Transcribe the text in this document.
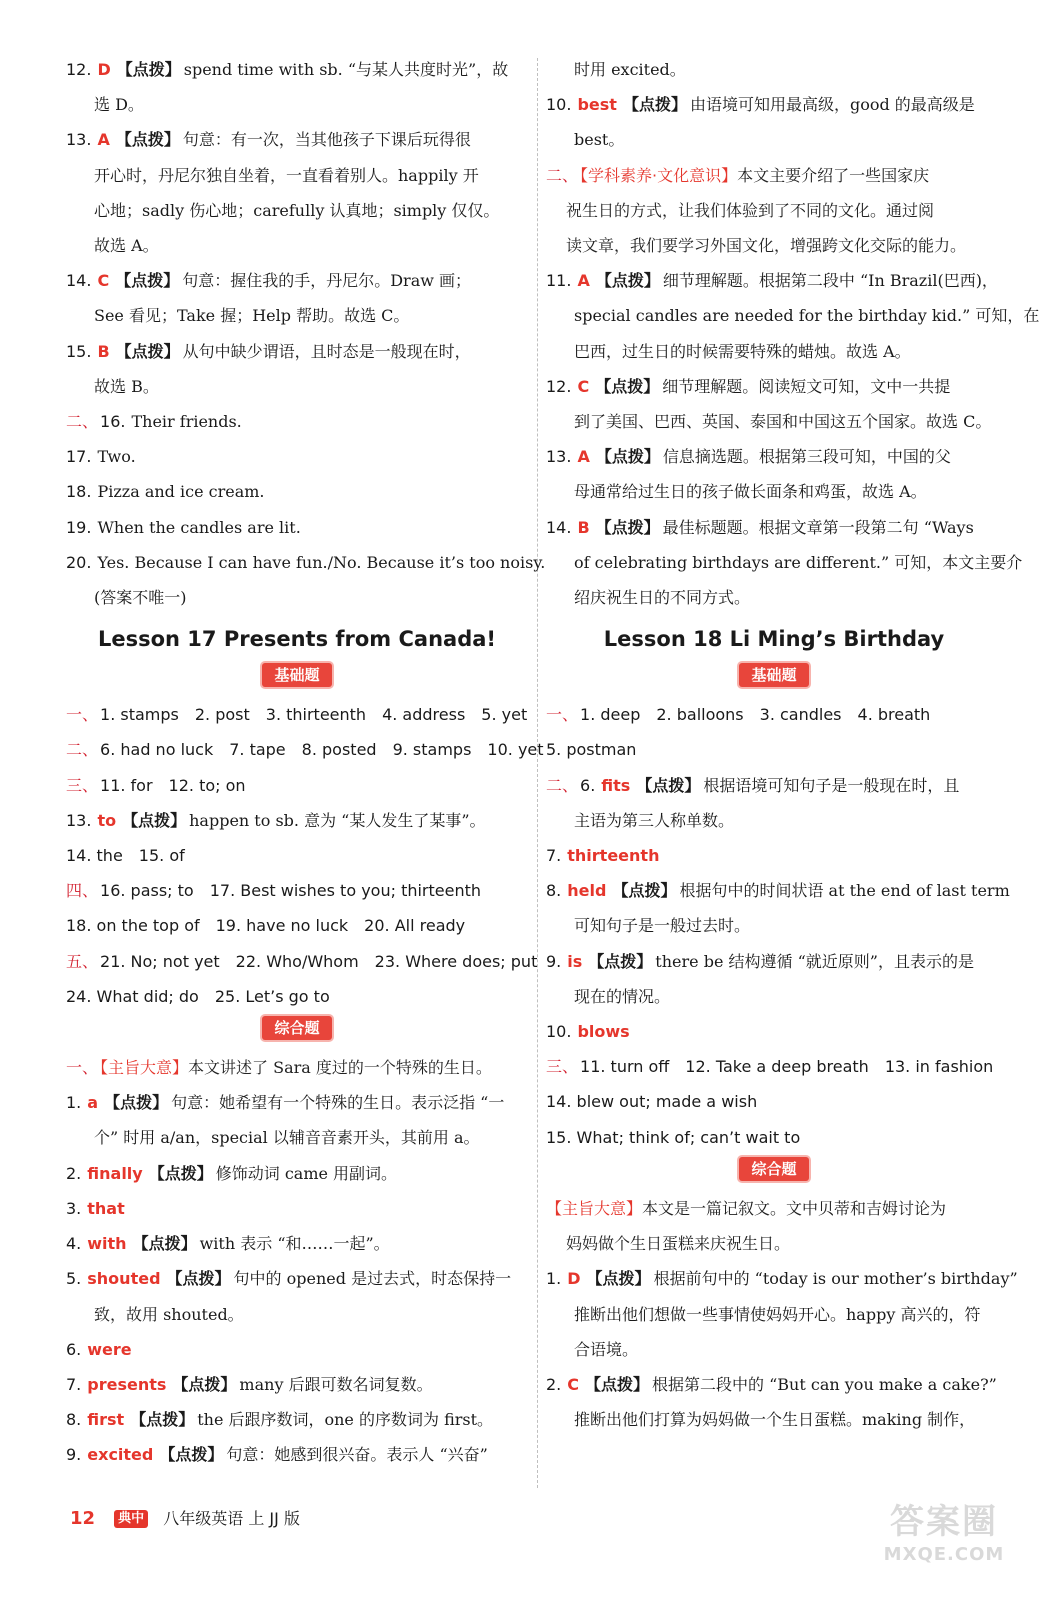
12. D 【点拨】 spend time with sb. “与某人共度时光”，故
选 D。
13. A 【点拨】 句意：有一次，当其他孩子下课后玩得很
开心时，丹尼尔独自坐着，一直看着别人。happily 开
心地；sadly 伤心地；carefully 认真地；simply 仅仅。
故选 A。
14. C 【点拨】 句意：握住我的手，丹尼尔。Draw 画；
See 看见；Take 握；Help 帮助。故选 C。
15. B 【点拨】 从句中缺少谓语，且时态是一般现在时，
故选 B。
二、 16. Their friends.
17. Two.
18. Pizza and ice cream.
19. When the candles are lit.
20. Yes. Because I can have fun./No. Because it’s too noisy.
(答案不唯一)
Lesson 17 Presents from Canada!
基础题
一、 1. stamps 2. post 3. thirteenth 4. address 5. yet
二、 6. had no luck 7. tape 8. posted 9. stamps 10. yet
三、 11. for 12. to; on
13. to 【点拨】 happen to sb. 意为 “某人发生了某事”。
14. the 15. of
四、 16. pass; to 17. Best wishes to you; thirteenth
18. on the top of 19. have no luck 20. All ready
五、 21. No; not yet 22. Who/Whom 23. Where does; put
24. What did; do 25. Let’s go to
综合题
一、 【主旨大意】本文讲述了 Sara 度过的一个特殊的生日。
1. a 【点拨】 句意：她希望有一个特殊的生日。表示泛指 “一
个” 时用 a/an，special 以辅音音素开头，其前用 a。
2. finally 【点拨】 修饰动词 came 用副词。
3. that
4. with 【点拨】 with 表示 “和……一起”。
5. shouted 【点拨】 句中的 opened 是过去式，时态保持一
致，故用 shouted。
6. were
7. presents 【点拨】 many 后跟可数名词复数。
8. first 【点拨】 the 后跟序数词，one 的序数词为 first。
9. excited 【点拨】 句意：她感到很兴奋。表示人 “兴奋”
时用 excited。
10. best 【点拨】 由语境可知用最高级，good 的最高级是
best。
二、 【学科素养·文化意识】本文主要介绍了一些国家庆
祝生日的方式，让我们体验到了不同的文化。通过阅
读文章，我们要学习外国文化，增强跨文化交际的能力。
11. A 【点拨】 细节理解题。根据第二段中 “In Brazil(巴西)，
special candles are needed for the birthday kid.” 可知，在
巴西，过生日的时候需要特殊的蜡烛。故选 A。
12. C 【点拨】 细节理解题。阅读短文可知，文中一共提
到了美国、巴西、英国、泰国和中国这五个国家。故选 C。
13. A 【点拨】 信息摘选题。根据第三段可知，中国的父
母通常给过生日的孩子做长面条和鸡蛋，故选 A。
14. B 【点拨】 最佳标题题。根据文章第一段第二句 “Ways
of celebrating birthdays are different.” 可知，本文主要介
绍庆祝生日的不同方式。
Lesson 18 Li Ming’s Birthday
基础题
一、 1. deep 2. balloons 3. candles 4. breath
5. postman
二、 6. fits 【点拨】 根据语境可知句子是一般现在时，且
主语为第三人称单数。
7. thirteenth
8. held 【点拨】 根据句中的时间状语 at the end of last term
可知句子是一般过去时。
9. is 【点拨】 there be 结构遵循 “就近原则”，且表示的是
现在的情况。
10. blows
三、 11. turn off 12. Take a deep breath 13. in fashion
14. blew out; made a wish
15. What; think of; can’t wait to
综合题
【主旨大意】本文是一篇记叙文。文中贝蒂和吉姆讨论为
妈妈做个生日蛋糕来庆祝生日。
1. D 【点拨】 根据前句中的 “today is our mother’s birthday”
推断出他们想做一些事情使妈妈开心。happy 高兴的，符
合语境。
2. C 【点拨】 根据第二段中的 “But can you make a cake?”
推断出他们打算为妈妈做一个生日蛋糕。making 制作，
12 典中 八年级英语 上 JJ 版	答案圈
MXQE.COM
